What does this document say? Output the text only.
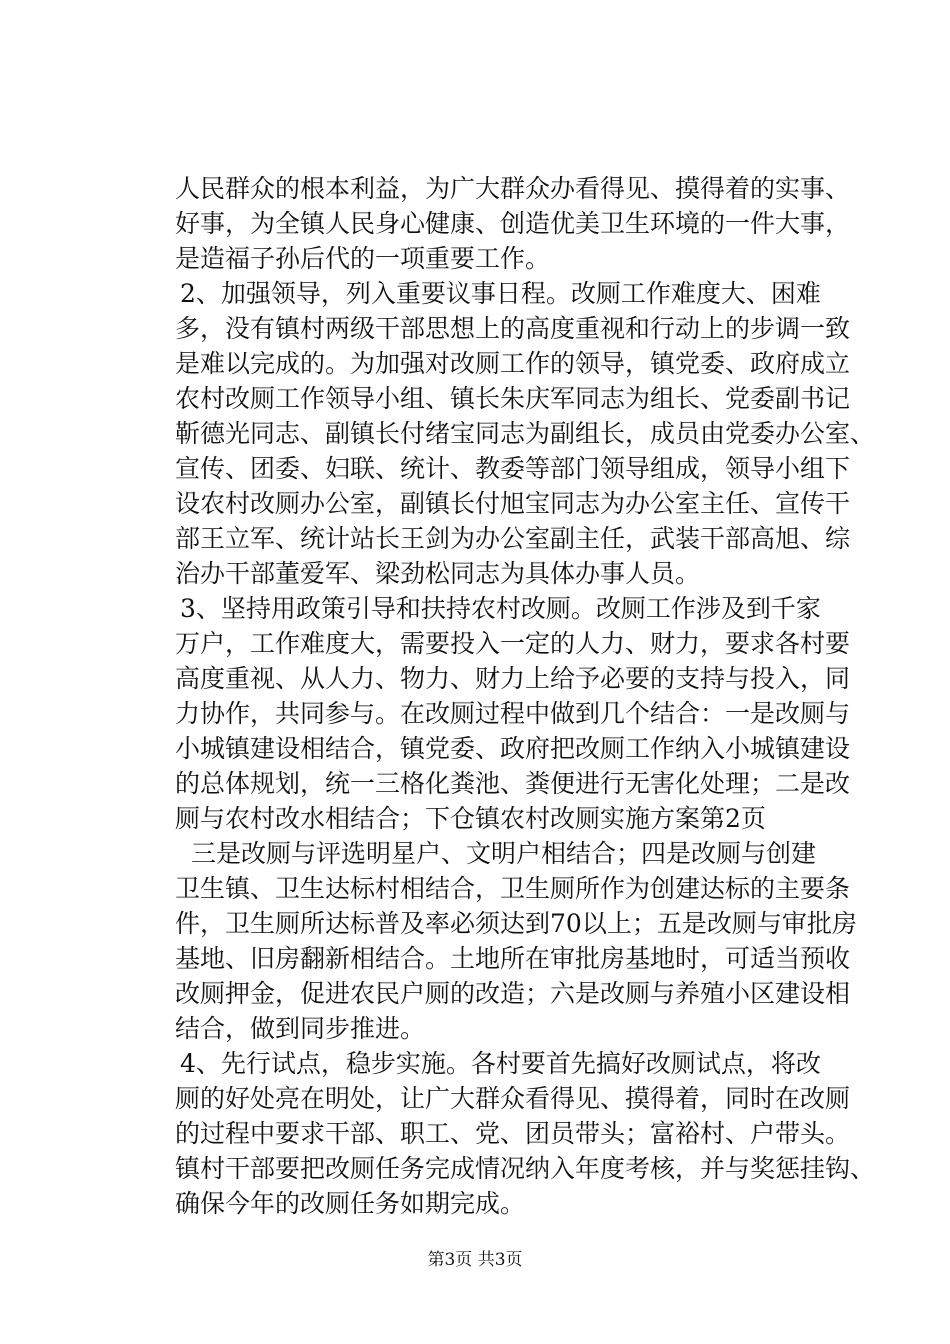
人民群众的根本利益，为广大群众办看得见、摸得着的实事、
好事，为全镇人民身心健康、创造优美卫生环境的一件大事，
是造福子孙后代的一项重要工作。
2、加强领导，列入重要议事日程。改厕工作难度大、困难
多，没有镇村两级干部思想上的高度重视和行动上的步调一致
是难以完成的。为加强对改厕工作的领导，镇党委、政府成立
农村改厕工作领导小组、镇长朱庆军同志为组长、党委副书记
靳德光同志、副镇长付绪宝同志为副组长，成员由党委办公室、
宣传、团委、妇联、统计、教委等部门领导组成，领导小组下
设农村改厕办公室，副镇长付旭宝同志为办公室主任、宣传干
部王立军、统计站长王剑为办公室副主任，武装干部高旭、综
治办干部董爱军、梁劲松同志为具体办事人员。
3、坚持用政策引导和扶持农村改厕。改厕工作涉及到千家
万户，工作难度大，需要投入一定的人力、财力，要求各村要
高度重视、从人力、物力、财力上给予必要的支持与投入，同
力协作，共同参与。在改厕过程中做到几个结合：一是改厕与
小城镇建设相结合，镇党委、政府把改厕工作纳入小城镇建设
的总体规划，统一三格化粪池、粪便进行无害化处理；二是改
厕与农村改水相结合；下仓镇农村改厕实施方案第2页
三是改厕与评选明星户、文明户相结合；四是改厕与创建
卫生镇、卫生达标村相结合，卫生厕所作为创建达标的主要条
件，卫生厕所达标普及率必须达到70以上；五是改厕与审批房
基地、旧房翻新相结合。土地所在审批房基地时，可适当预收
改厕押金，促进农民户厕的改造；六是改厕与养殖小区建设相
结合，做到同步推进。
4、先行试点，稳步实施。各村要首先搞好改厕试点，将改
厕的好处亮在明处，让广大群众看得见、摸得着，同时在改厕
的过程中要求干部、职工、党、团员带头；富裕村、户带头。
镇村干部要把改厕任务完成情况纳入年度考核，并与奖惩挂钩、
确保今年的改厕任务如期完成。
第3页 共3页
